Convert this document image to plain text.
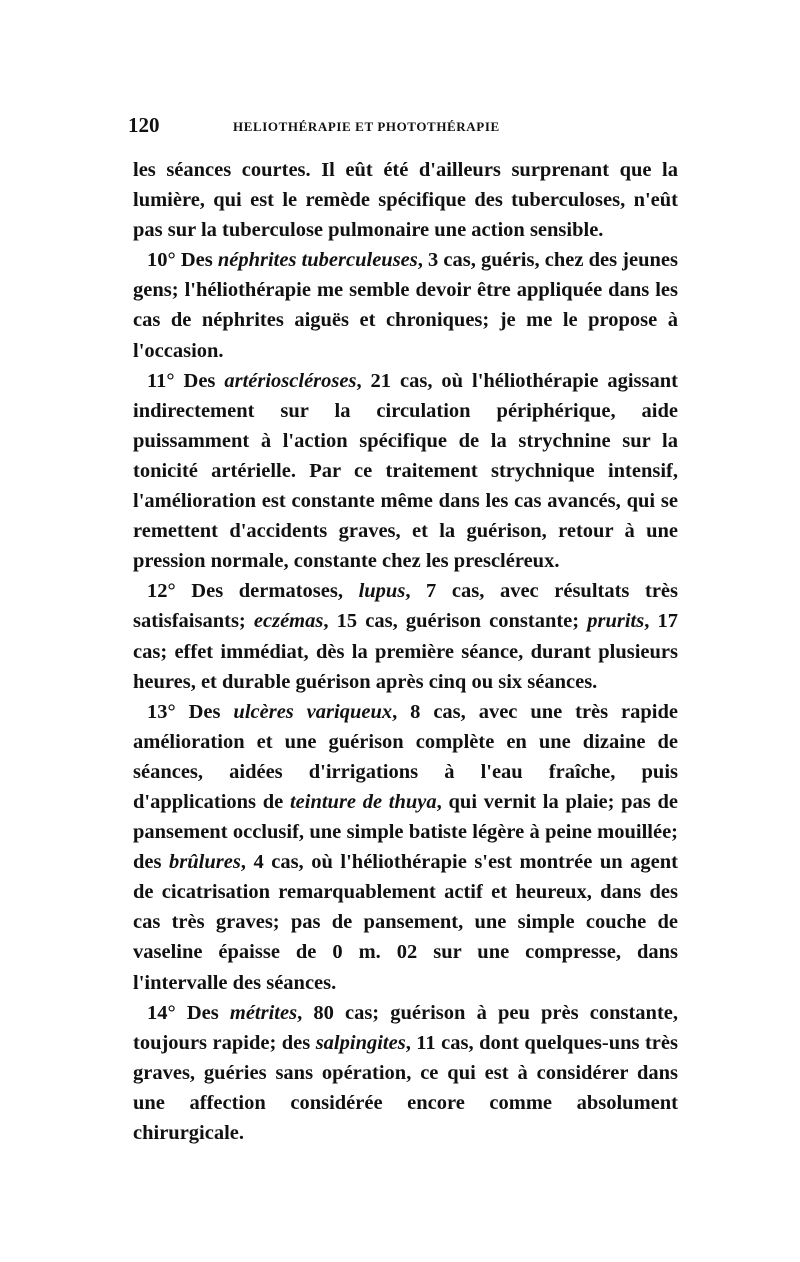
120	HELIOTHÉRAPIE ET PHOTOTHÉRAPIE

les séances courtes. Il eût été d'ailleurs surprenant que la lumière, qui est le remède spécifique des tuberculoses, n'eût pas sur la tuberculose pulmonaire une action sensible.

10° Des néphrites tuberculeuses, 3 cas, guéris, chez des jeunes gens; l'héliothérapie me semble devoir être appliquée dans les cas de néphrites aiguës et chroniques; je me le propose à l'occasion.

11° Des artérioscléroses, 21 cas, où l'héliothérapie agissant indirectement sur la circulation périphérique, aide puissamment à l'action spécifique de la strychnine sur la tonicité artérielle. Par ce traitement strychnique intensif, l'amélioration est constante même dans les cas avancés, qui se remettent d'accidents graves, et la guérison, retour à une pression normale, constante chez les prescléreux.

12° Des dermatoses, lupus, 7 cas, avec résultats très satisfaisants; eczémas, 15 cas, guérison constante; prurits, 17 cas; effet immédiat, dès la première séance, durant plusieurs heures, et durable guérison après cinq ou six séances.

13° Des ulcères variqueux, 8 cas, avec une très rapide amélioration et une guérison complète en une dizaine de séances, aidées d'irrigations à l'eau fraîche, puis d'applications de teinture de thuya, qui vernit la plaie; pas de pansement occlusif, une simple batiste légère à peine mouillée; des brûlures, 4 cas, où l'héliothérapie s'est montrée un agent de cicatrisation remarquablement actif et heureux, dans des cas très graves; pas de pansement, une simple couche de vaseline épaisse de 0 m. 02 sur une compresse, dans l'intervalle des séances.

14° Des métrites, 80 cas; guérison à peu près constante, toujours rapide; des salpingites, 11 cas, dont quelques-uns très graves, guéries sans opération, ce qui est à considérer dans une affection considérée encore comme absolument chirurgicale.
